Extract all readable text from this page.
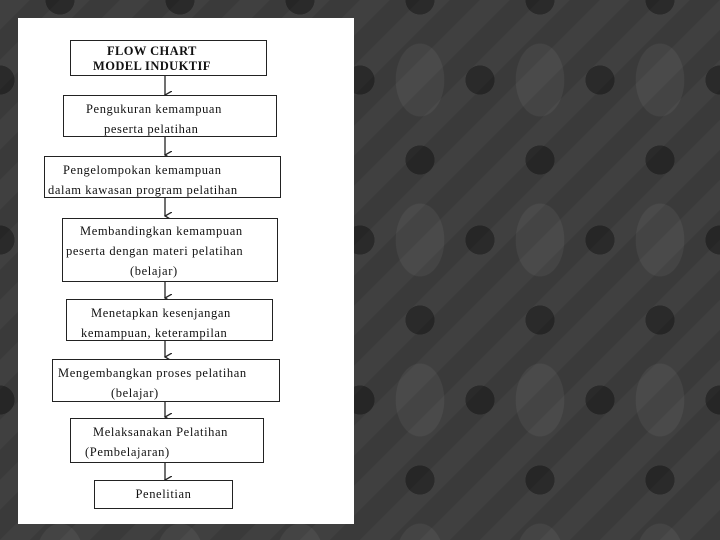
FLOW CHART
MODEL INDUKTIF
Pengukuran kemampuan
peserta pelatihan
Pengelompokan kemampuan
dalam kawasan program pelatihan
Membandingkan kemampuan
peserta dengan materi pelatihan
(belajar)
Menetapkan kesenjangan
kemampuan, keterampilan
Mengembangkan proses pelatihan
(belajar)
Melaksanakan Pelatihan
(Pembelajaran)
Penelitian
